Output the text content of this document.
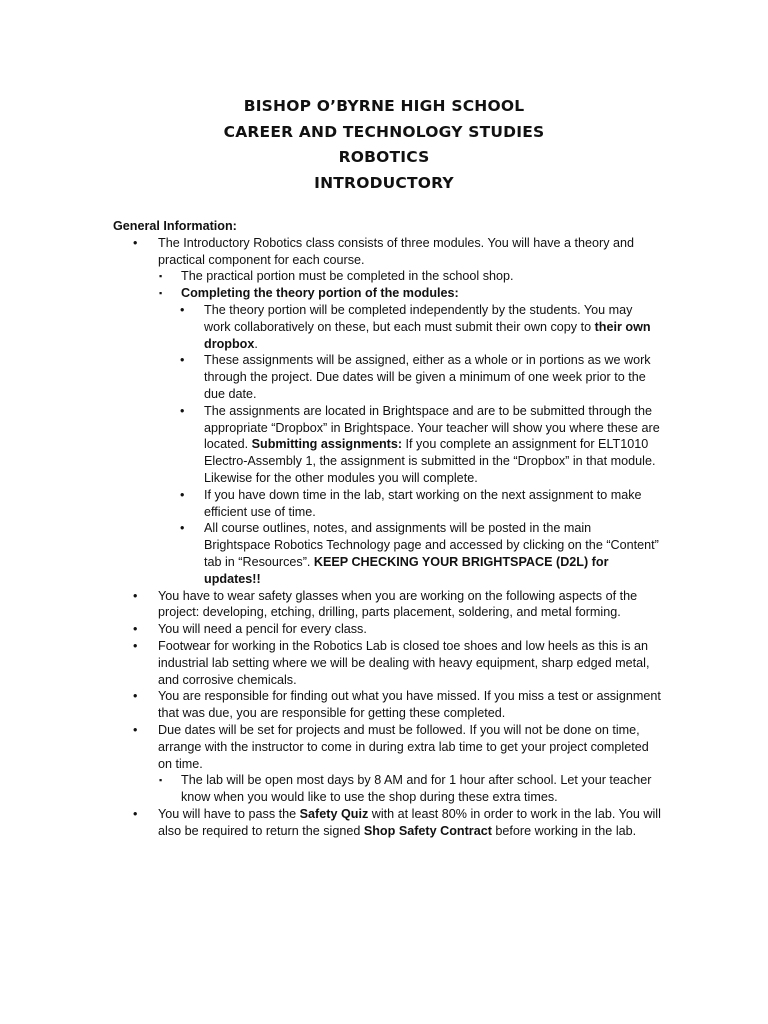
BISHOP O’BYRNE HIGH SCHOOL
CAREER AND TECHNOLOGY STUDIES
ROBOTICS
INTRODUCTORY
General Information:
• The Introductory Robotics class consists of three modules. You will have a theory and practical component for each course.
▪ The practical portion must be completed in the school shop.
▪ Completing the theory portion of the modules:
• The theory portion will be completed independently by the students. You may work collaboratively on these, but each must submit their own copy to their own dropbox.
• These assignments will be assigned, either as a whole or in portions as we work through the project. Due dates will be given a minimum of one week prior to the due date.
• The assignments are located in Brightspace and are to be submitted through the appropriate “Dropbox” in Brightspace. Your teacher will show you where these are located. Submitting assignments: If you complete an assignment for ELT1010 Electro-Assembly 1, the assignment is submitted in the “Dropbox” in that module. Likewise for the other modules you will complete.
• If you have down time in the lab, start working on the next assignment to make efficient use of time.
• All course outlines, notes, and assignments will be posted in the main Brightspace Robotics Technology page and accessed by clicking on the “Content” tab in “Resources”. KEEP CHECKING YOUR BRIGHTSPACE (D2L) for updates!!
• You have to wear safety glasses when you are working on the following aspects of the project: developing, etching, drilling, parts placement, soldering, and metal forming.
• You will need a pencil for every class.
• Footwear for working in the Robotics Lab is closed toe shoes and low heels as this is an industrial lab setting where we will be dealing with heavy equipment, sharp edged metal, and corrosive chemicals.
• You are responsible for finding out what you have missed. If you miss a test or assignment that was due, you are responsible for getting these completed.
• Due dates will be set for projects and must be followed. If you will not be done on time, arrange with the instructor to come in during extra lab time to get your project completed on time.
▪ The lab will be open most days by 8 AM and for 1 hour after school. Let your teacher know when you would like to use the shop during these extra times.
• You will have to pass the Safety Quiz with at least 80% in order to work in the lab. You will also be required to return the signed Shop Safety Contract before working in the lab.
